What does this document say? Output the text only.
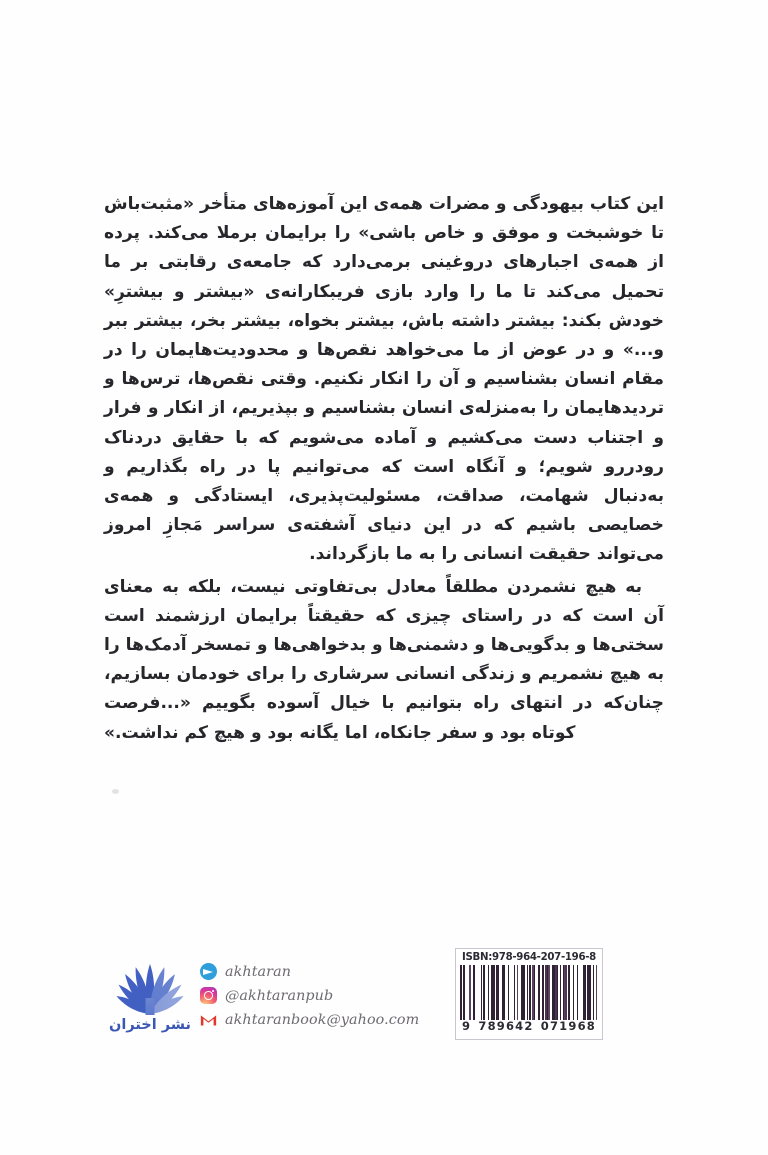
این کتاب بیهودگی و مضرات همه‌ی این آموزه‌های متأخر «مثبت‌باش تا خوشبخت و موفق و خاص باشی» را برایمان برملا می‌کند. پرده از همه‌ی اجبارهای دروغینی برمی‌دارد که جامعه‌ی رقابتی بر ما تحمیل می‌کند تا ما را وارد بازی فریبکارانه‌ی «بیشتر و بیشترِ» خودش بکند: بیشتر داشته باش، بیشتر بخواه، بیشتر بخر، بیشتر ببر و...» و در عوض از ما می‌خواهد نقص‌ها و محدودیت‌هایمان را در مقام انسان بشناسیم و آن را انکار نکنیم. وقتی نقص‌ها، ترس‌ها و تردیدهایمان را به‌منزله‌ی انسان بشناسیم و بپذیریم، از انکار و فرار و اجتناب دست می‌کشیم و آماده می‌شویم که با حقایق دردناک رودررو شویم؛ و آنگاه است که می‌توانیم پا در راه بگذاریم و به‌دنبال شهامت، صداقت، مسئولیت‌پذیری، ایستادگی و همه‌ی خصایصی باشیم که در این دنیای آشفته‌ی سراسر مَجازِ امروز می‌تواند حقیقت انسانی را به ما بازگرداند.

به هیچ نشمردن مطلقاً معادل بی‌تفاوتی نیست، بلکه به معنای آن است که در راستای چیزی که حقیقتاً برایمان ارزشمند است سختی‌ها و بدگویی‌ها و دشمنی‌ها و بدخواهی‌ها و تمسخر آدمک‌ها را به هیچ نشمریم و زندگی انسانی سرشاری را برای خودمان بسازیم، چنان‌که در انتهای راه بتوانیم با خیال آسوده بگوییم «...فرصت کوتاه بود و سفر جانکاه، اما یگانه بود و هیچ کم نداشت.»

نشر اختران
akhtaran
@akhtaranpub
akhtaranbook@yahoo.com
ISBN:978-964-207-196-8
9 789642 071968
